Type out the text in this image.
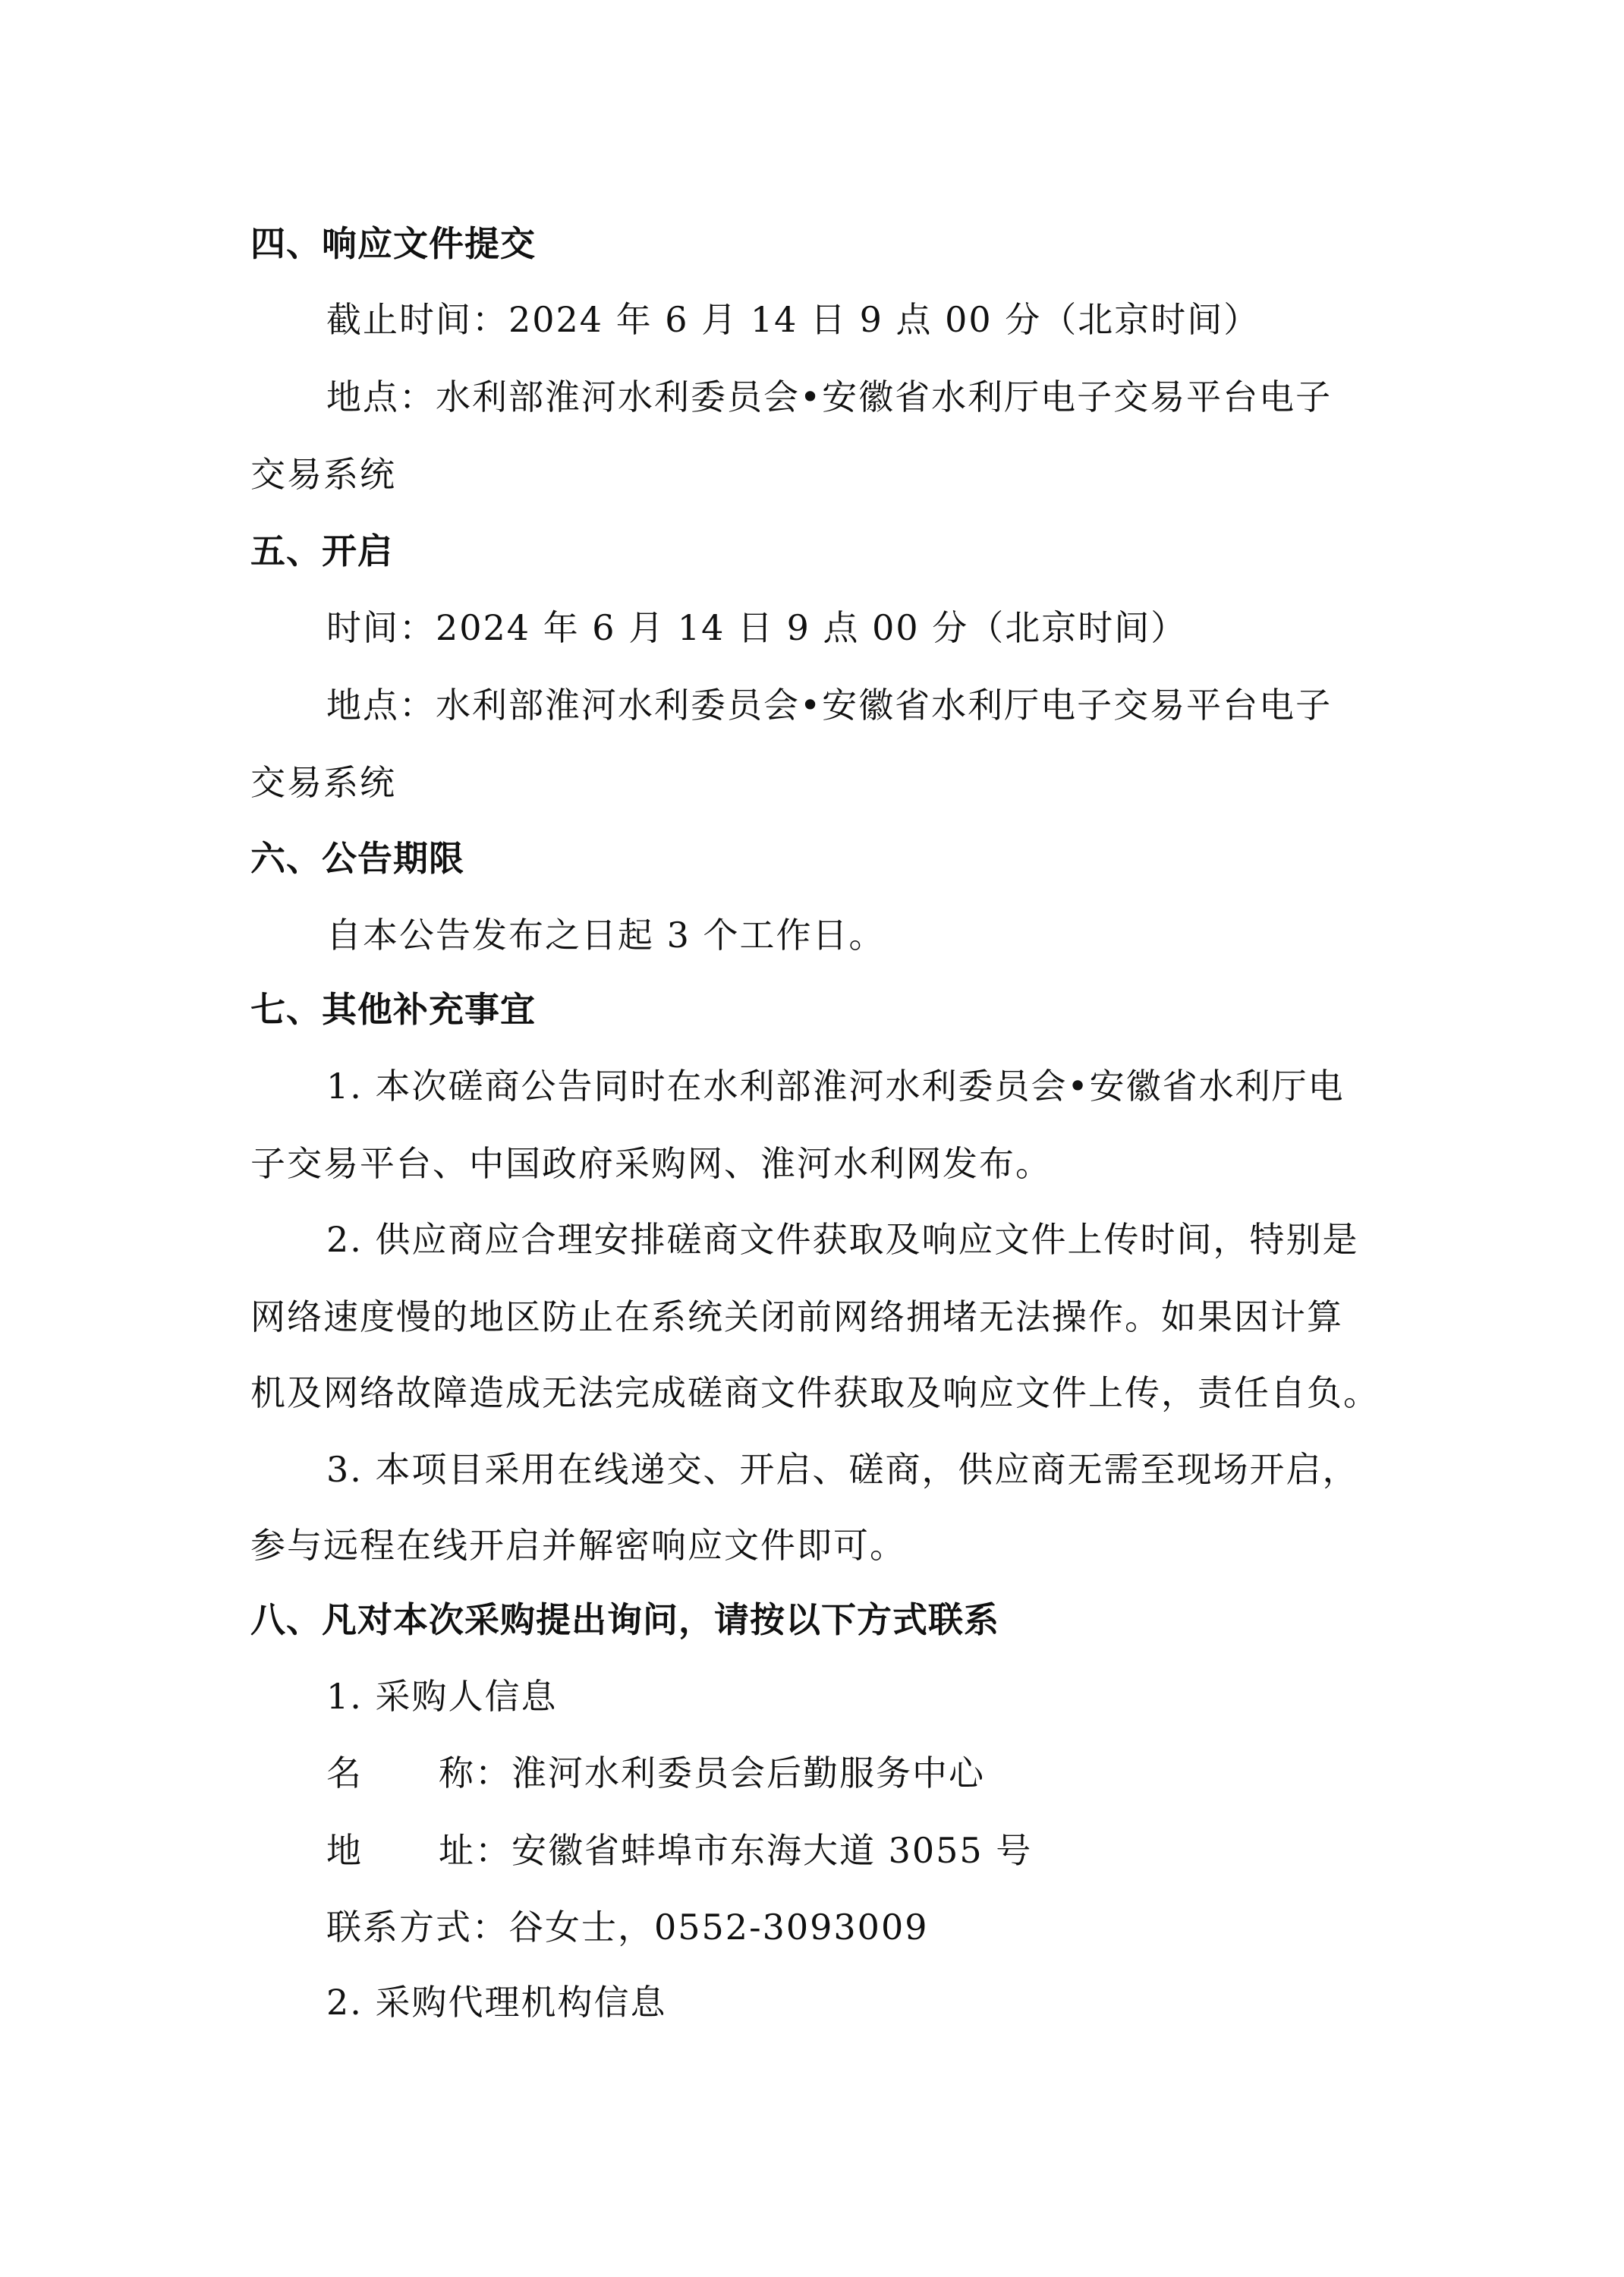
四、响应文件提交
截止时间：2024 年 6 月 14 日 9 点 00 分（北京时间）
地点：水利部淮河水利委员会•安徽省水利厅电子交易平台电子
交易系统
五、开启
时间：2024 年 6 月 14 日 9 点 00 分（北京时间）
地点：水利部淮河水利委员会•安徽省水利厅电子交易平台电子
交易系统
六、公告期限
自本公告发布之日起 3 个工作日。
七、其他补充事宜
1. 本次磋商公告同时在水利部淮河水利委员会•安徽省水利厅电
子交易平台、中国政府采购网、淮河水利网发布。
2. 供应商应合理安排磋商文件获取及响应文件上传时间，特别是
网络速度慢的地区防止在系统关闭前网络拥堵无法操作。如果因计算
机及网络故障造成无法完成磋商文件获取及响应文件上传，责任自负。
3. 本项目采用在线递交、开启、磋商，供应商无需至现场开启，
参与远程在线开启并解密响应文件即可。
八、凡对本次采购提出询问，请按以下方式联系
1. 采购人信息
名 称：淮河水利委员会后勤服务中心
地 址：安徽省蚌埠市东海大道 3055 号
联系方式：谷女士，0552-3093009
2. 采购代理机构信息
